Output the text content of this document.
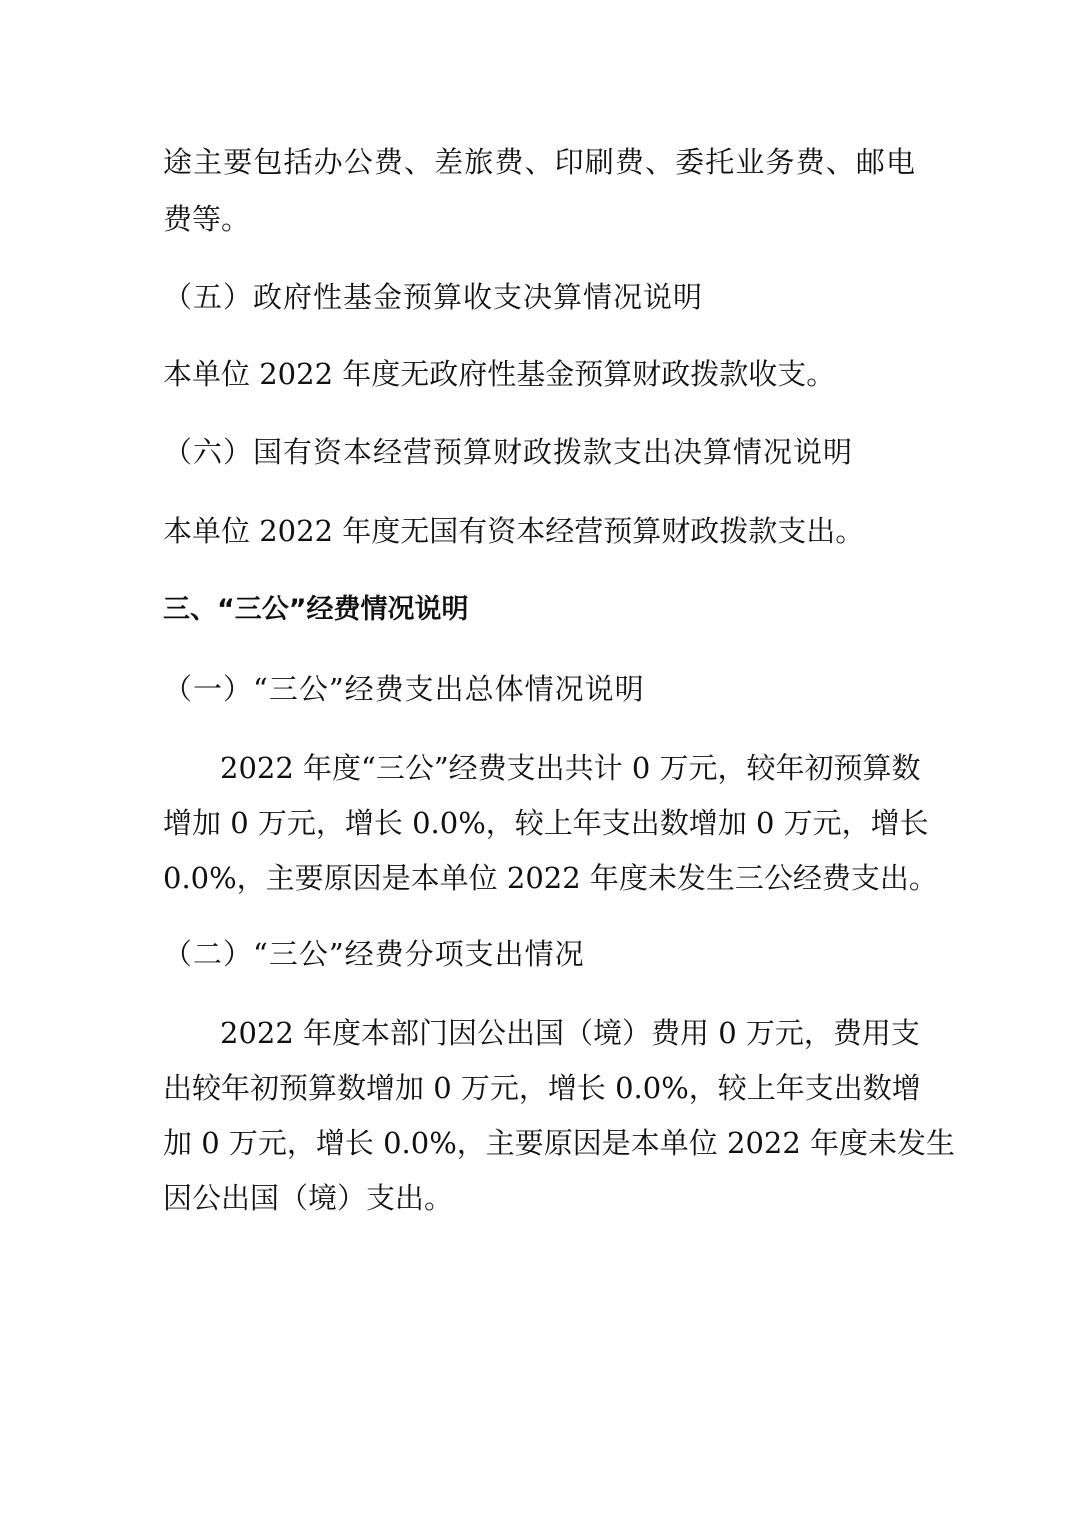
途主要包括办公费、差旅费、印刷费、委托业务费、邮电
费等。
（五）政府性基金预算收支决算情况说明
本单位 2022 年度无政府性基金预算财政拨款收支。
（六）国有资本经营预算财政拨款支出决算情况说明
本单位 2022 年度无国有资本经营预算财政拨款支出。
三、“三公”经费情况说明
（一）“三公”经费支出总体情况说明
2022 年度“三公”经费支出共计 0 万元，较年初预算数
增加 0 万元，增长 0.0%，较上年支出数增加 0 万元，增长
0.0%，主要原因是本单位 2022 年度未发生三公经费支出。
（二）“三公”经费分项支出情况
2022 年度本部门因公出国（境）费用 0 万元，费用支
出较年初预算数增加 0 万元，增长 0.0%，较上年支出数增
加 0 万元，增长 0.0%，主要原因是本单位 2022 年度未发生
因公出国（境）支出。
